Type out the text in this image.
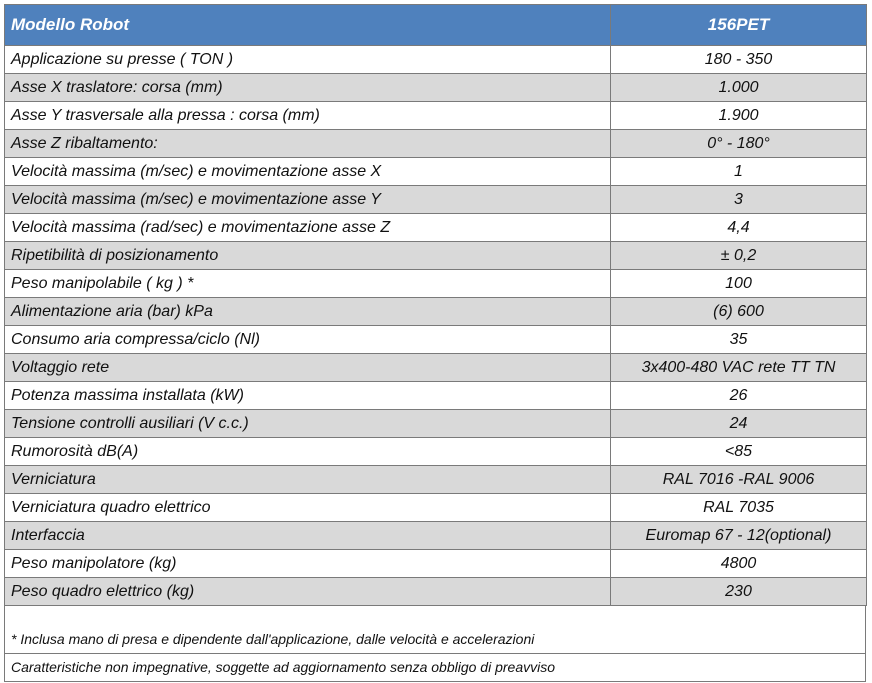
Modello Robot	156PET
Applicazione su presse ( TON )	180 - 350
Asse X traslatore: corsa (mm)	1.000
Asse Y trasversale alla pressa : corsa (mm)	1.900
Asse Z ribaltamento:	0° - 180°
Velocità massima (m/sec) e movimentazione asse X	1
Velocità massima (m/sec) e movimentazione asse Y	3
Velocità massima (rad/sec) e movimentazione asse Z	4,4
Ripetibilità di posizionamento	± 0,2
Peso manipolabile ( kg ) *	100
Alimentazione aria (bar) kPa	(6) 600
Consumo aria compressa/ciclo (Nl)	35
Voltaggio rete	3x400-480 VAC rete TT TN
Potenza massima installata (kW)	26
Tensione controlli ausiliari (V c.c.)	24
Rumorosità dB(A)	<85
Verniciatura	RAL 7016 -RAL 9006
Verniciatura quadro elettrico	RAL 7035
Interfaccia	Euromap 67 - 12(optional)
Peso manipolatore (kg)	4800
Peso quadro elettrico (kg)	230
* Inclusa mano di presa e dipendente dall'applicazione, dalle velocità e accelerazioni
Caratteristiche non impegnative, soggette ad aggiornamento senza obbligo di preavviso
